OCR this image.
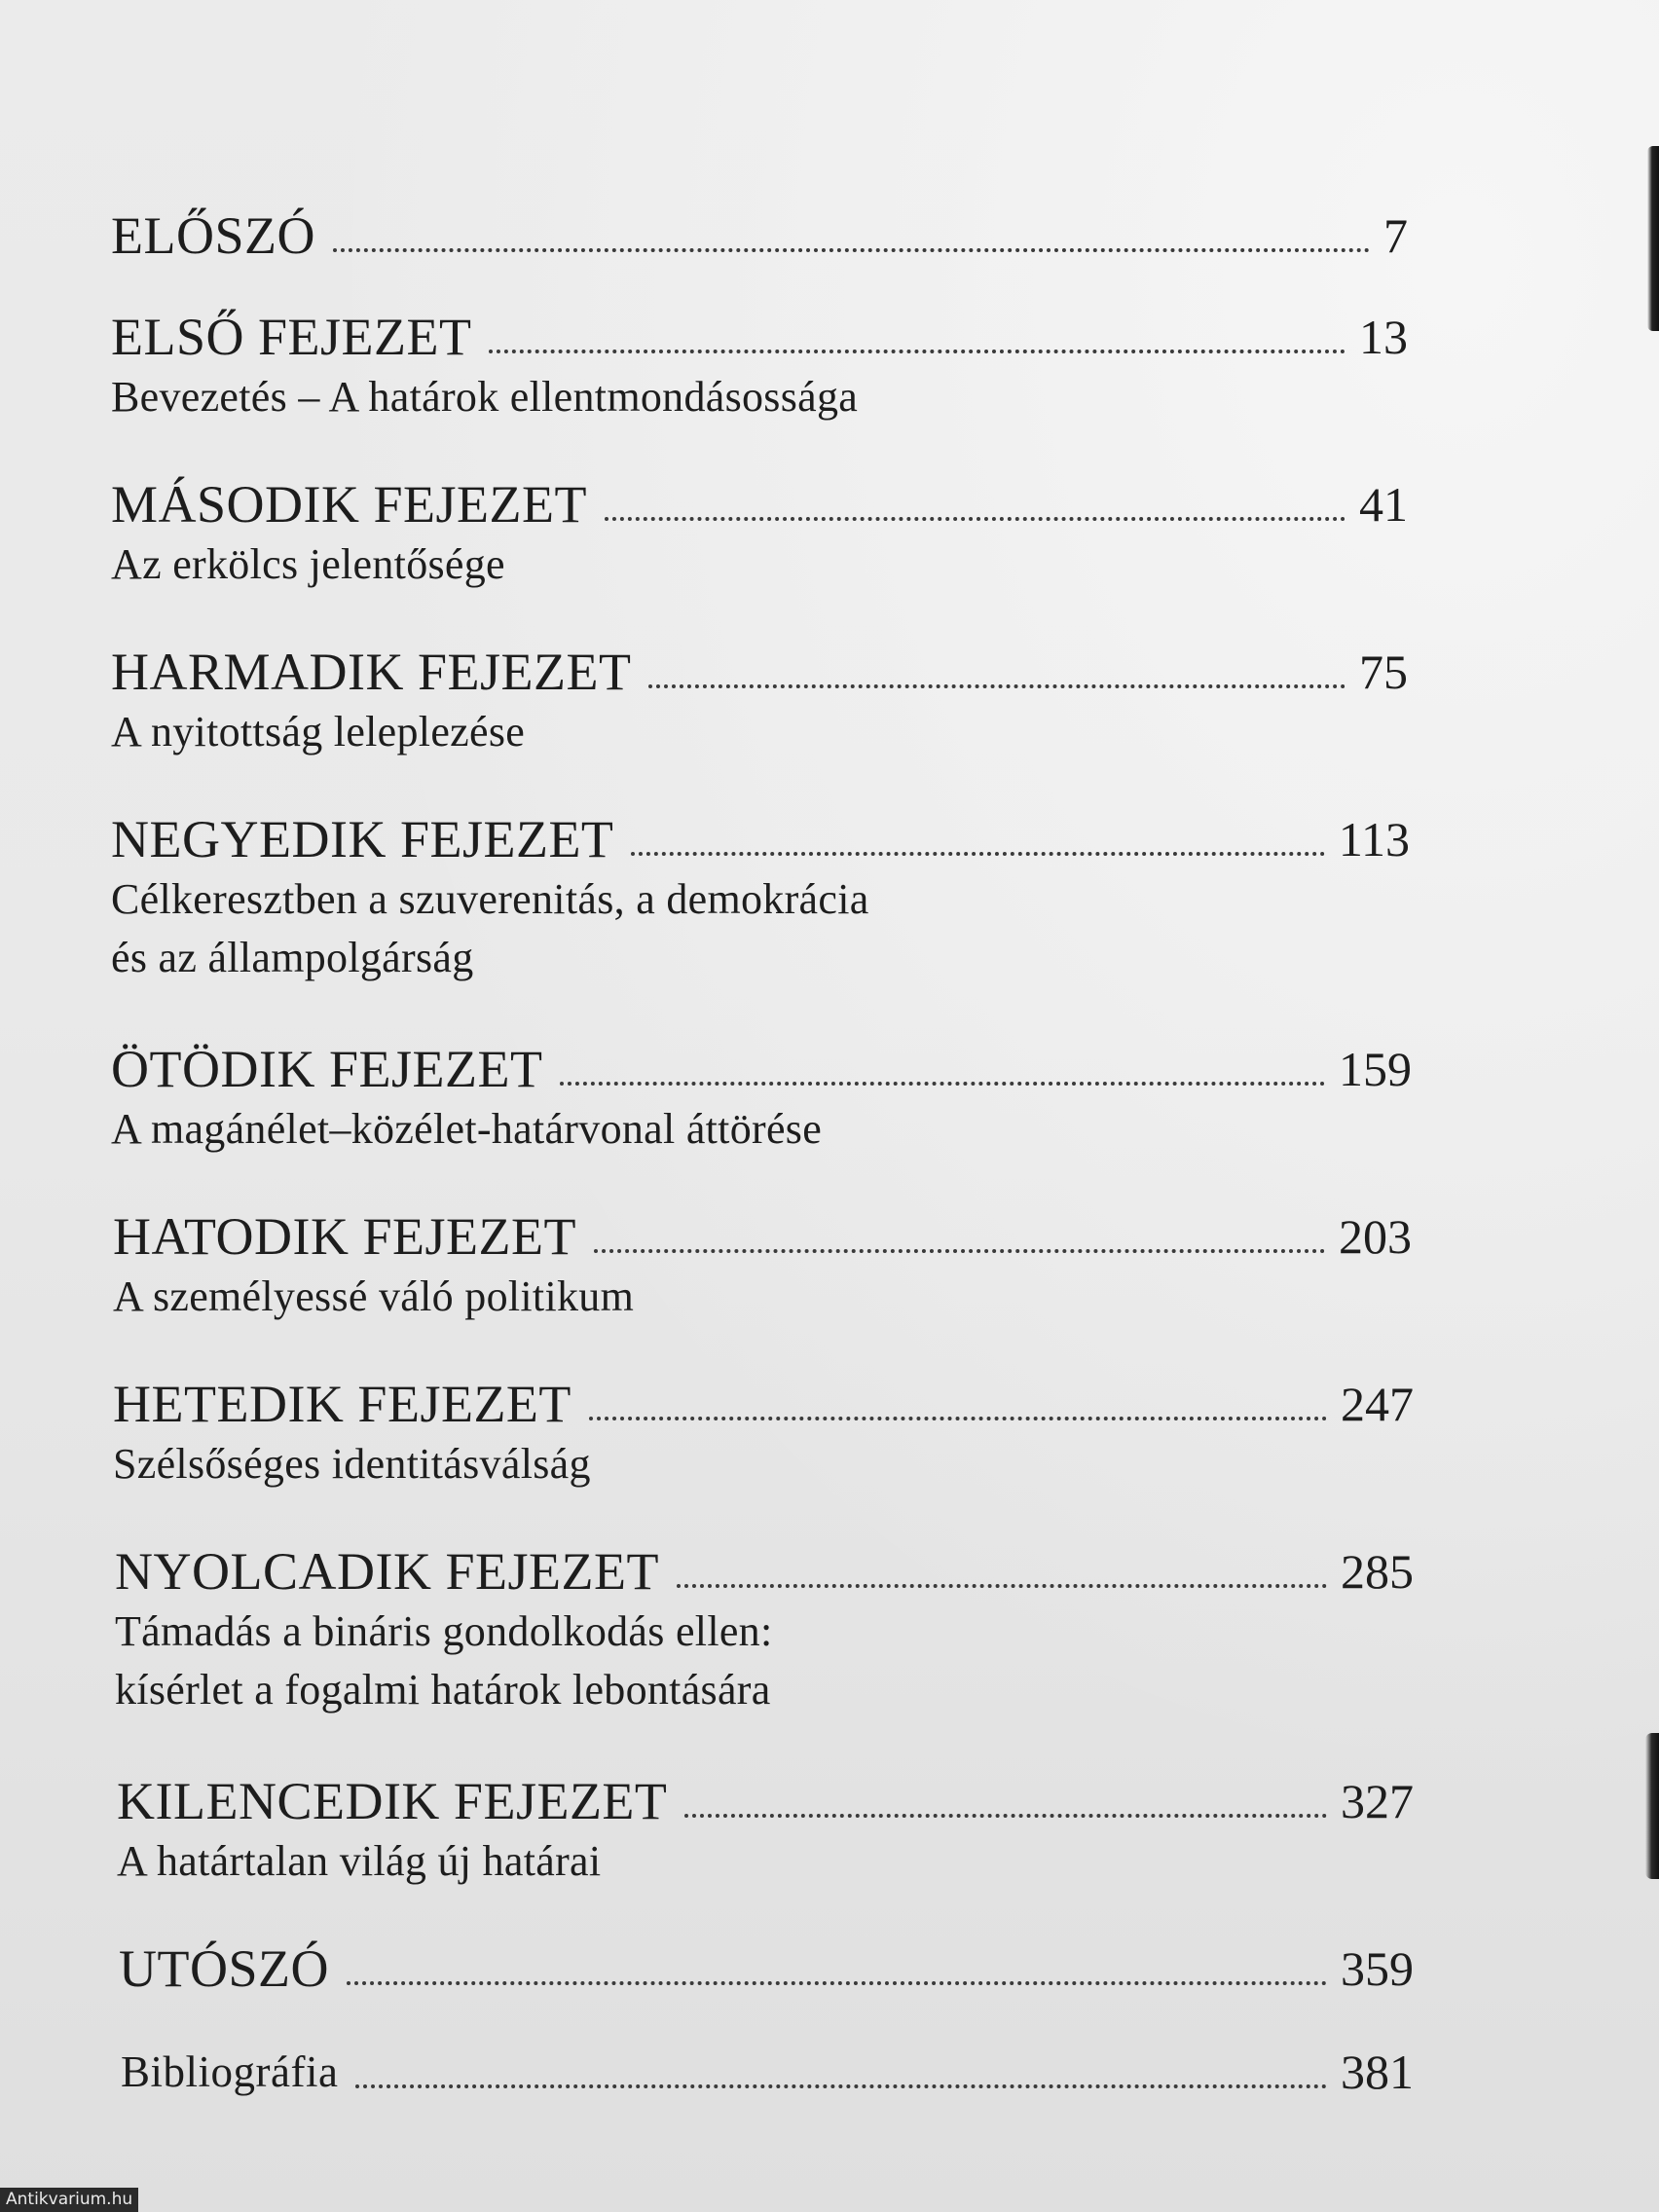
ELŐSZÓ	7
ELSŐ FEJEZET	13
Bevezetés – A határok ellentmondásossága
MÁSODIK FEJEZET	41
Az erkölcs jelentősége
HARMADIK FEJEZET	75
A nyitottság leleplezése
NEGYEDIK FEJEZET	113
Célkeresztben a szuverenitás, a demokrácia
és az állampolgárság
ÖTÖDIK FEJEZET	159
A magánélet–közélet-határvonal áttörése
HATODIK FEJEZET	203
A személyessé váló politikum
HETEDIK FEJEZET	247
Szélsőséges identitásválság
NYOLCADIK FEJEZET	285
Támadás a bináris gondolkodás ellen:
kísérlet a fogalmi határok lebontására
KILENCEDIK FEJEZET	327
A határtalan világ új határai
UTÓSZÓ	359
Bibliográfia	381
Antikvarium.hu
